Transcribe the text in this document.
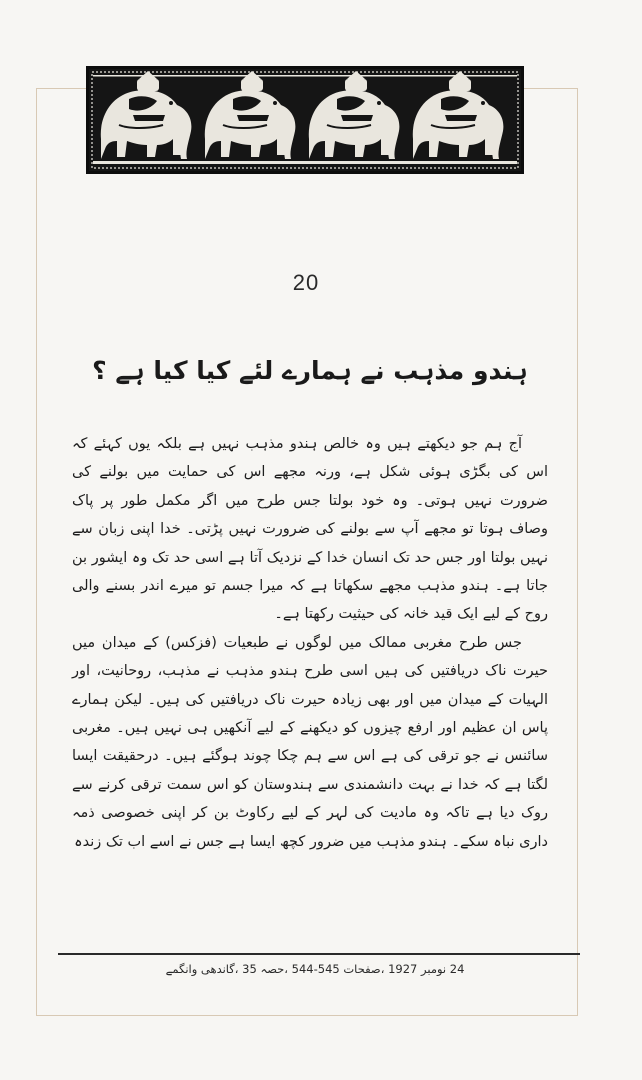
20
ہندو مذہب نے ہمارے لئے کیا کیا ہے ؟

آج ہم جو دیکھتے ہیں وہ خالص ہندو مذہب نہیں ہے بلکہ یوں کہئے کہ اس کی بگڑی ہوئی شکل ہے، ورنہ مجھے اس کی حمایت میں بولنے کی ضرورت نہیں ہوتی۔ وہ خود بولتا جس طرح میں اگر مکمل طور پر پاک وصاف ہوتا تو مجھے آپ سے بولنے کی ضرورت نہیں پڑتی۔ خدا اپنی زبان سے نہیں بولتا اور جس حد تک انسان خدا کے نزدیک آتا ہے اسی حد تک وہ ایشور بن جاتا ہے۔ ہندو مذہب مجھے سکھاتا ہے کہ میرا جسم تو میرے اندر بسنے والی روح کے لیے ایک قید خانہ کی حیثیت رکھتا ہے۔

جس طرح مغربی ممالک میں لوگوں نے طبعیات (فزکس) کے میدان میں حیرت ناک دریافتیں کی ہیں اسی طرح ہندو مذہب نے مذہب، روحانیت، اور الہیات کے میدان میں اور بھی زیادہ حیرت ناک دریافتیں کی ہیں۔ لیکن ہمارے پاس ان عظیم اور ارفع چیزوں کو دیکھنے کے لیے آنکھیں ہی نہیں ہیں۔ مغربی سائنس نے جو ترقی کی ہے اس سے ہم چکا چوند ہوگئے ہیں۔ درحقیقت ایسا لگتا ہے کہ خدا نے بہت دانشمندی سے ہندوستان کو اس سمت ترقی کرنے سے روک دیا ہے تاکہ وہ مادیت کی لہر کے لیے رکاوٹ بن کر اپنی خصوصی ذمہ داری نباہ سکے۔ ہندو مذہب میں ضرور کچھ ایسا ہے جس نے اسے اب تک زندہ

24 نومبر 1927 ،صفحات 545-544 ،حصہ 35 ،گاندھی وانگمے
